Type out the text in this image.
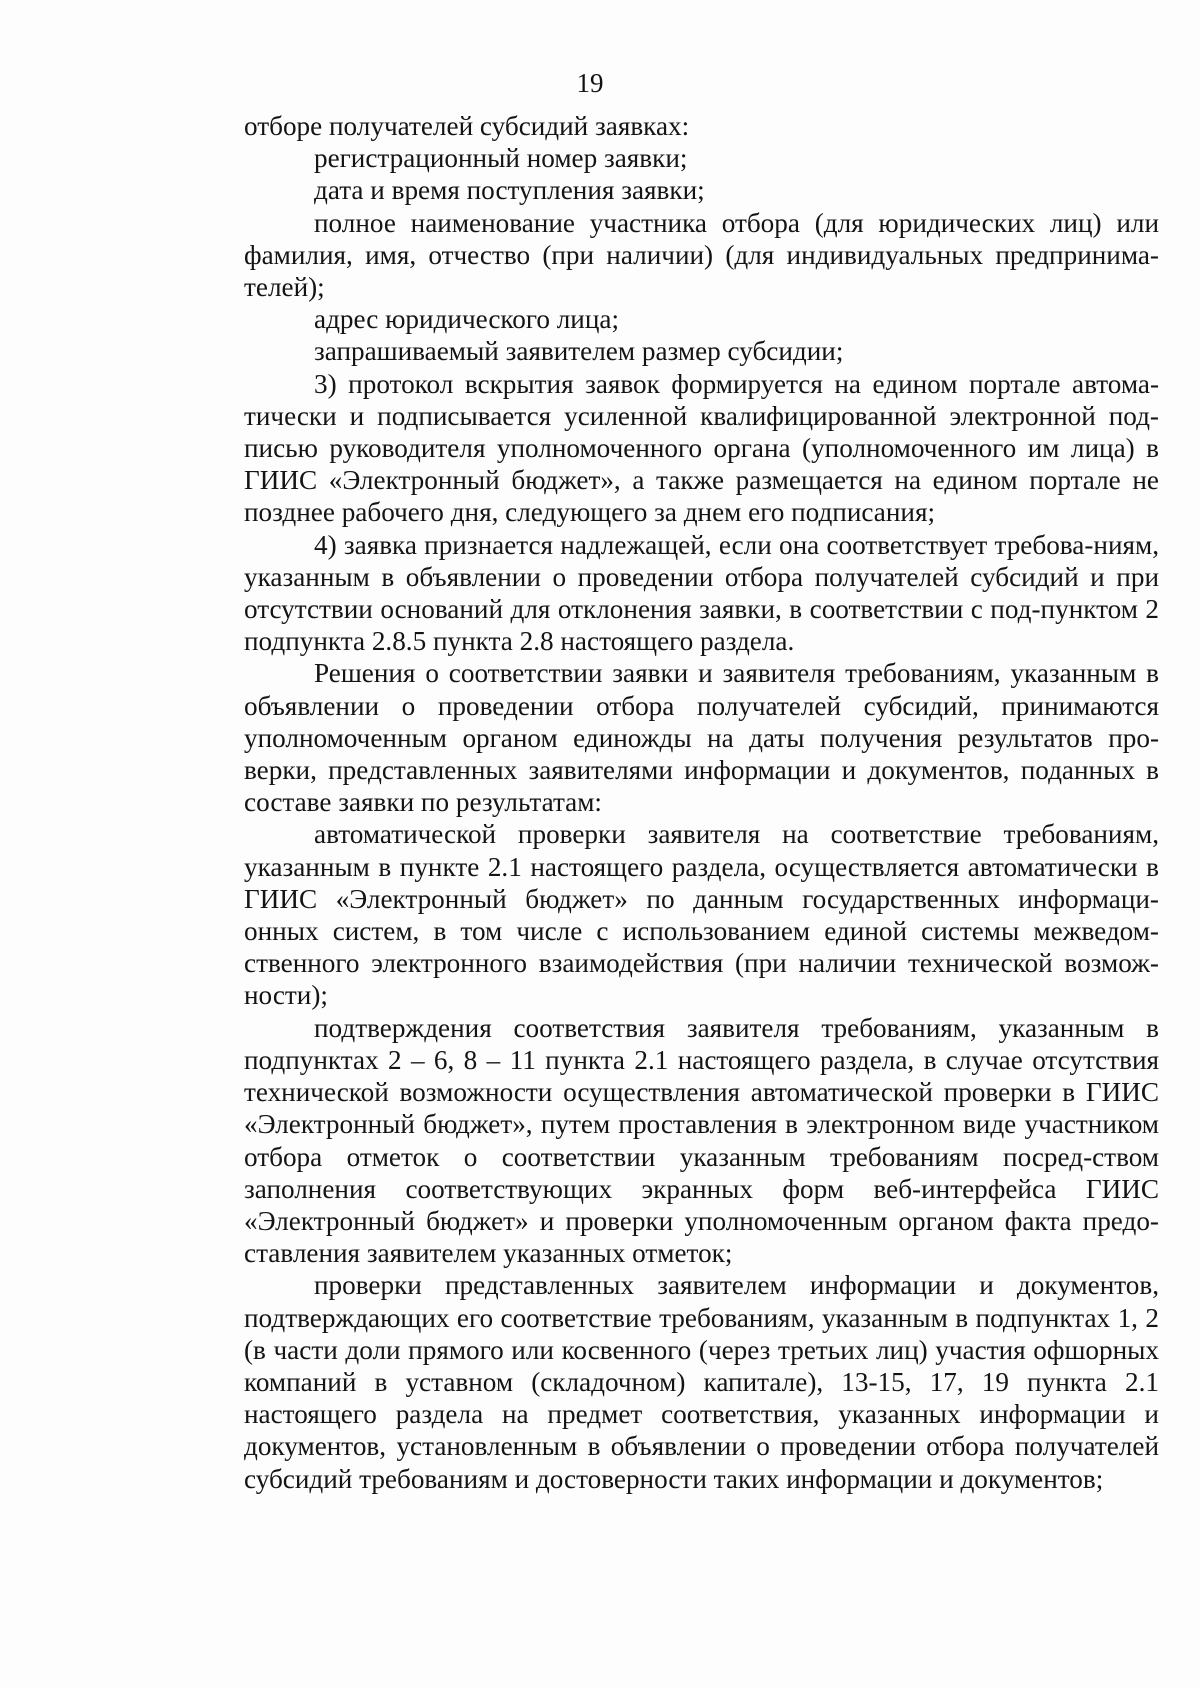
19

отборе получателей субсидий заявках:

регистрационный номер заявки;

дата и время поступления заявки;

полное наименование участника отбора (для юридических лиц) или фамилия, имя, отчество (при наличии) (для индивидуальных предпринима-телей);

адрес юридического лица;

запрашиваемый заявителем размер субсидии;

3) протокол вскрытия заявок формируется на едином портале автома-тически и подписывается усиленной квалифицированной электронной под-писью руководителя уполномоченного органа (уполномоченного им лица) в ГИИС «Электронный бюджет», а также размещается на едином портале не позднее рабочего дня, следующего за днем его подписания;

4) заявка признается надлежащей, если она соответствует требова-ниям, указанным в объявлении о проведении отбора получателей субсидий и при отсутствии оснований для отклонения заявки, в соответствии с под-пунктом 2 подпункта 2.8.5 пункта 2.8 настоящего раздела.

Решения о соответствии заявки и заявителя требованиям, указанным в объявлении о проведении отбора получателей субсидий, принимаются уполномоченным органом единожды на даты получения результатов про-верки, представленных заявителями информации и документов, поданных в составе заявки по результатам:

автоматической проверки заявителя на соответствие требованиям, указанным в пункте 2.1 настоящего раздела, осуществляется автоматически в ГИИС «Электронный бюджет» по данным государственных информаци-онных систем, в том числе с использованием единой системы межведом-ственного электронного взаимодействия (при наличии технической возмож-ности);

подтверждения соответствия заявителя требованиям, указанным в подпунктах 2 – 6, 8 – 11 пункта 2.1 настоящего раздела, в случае отсутствия технической возможности осуществления автоматической проверки в ГИИС «Электронный бюджет», путем проставления в электронном виде участником отбора отметок о соответствии указанным требованиям посред-ством заполнения соответствующих экранных форм веб-интерфейса ГИИС «Электронный бюджет» и проверки уполномоченным органом факта предо-ставления заявителем указанных отметок;

проверки представленных заявителем информации и документов, подтверждающих его соответствие требованиям, указанным в подпунктах 1, 2 (в части доли прямого или косвенного (через третьих лиц) участия офшорных компаний в уставном (складочном) капитале), 13-15, 17, 19 пункта 2.1 настоящего раздела на предмет соответствия, указанных информации и документов, установленным в объявлении о проведении отбора получателей субсидий требованиям и достоверности таких информации и документов;
